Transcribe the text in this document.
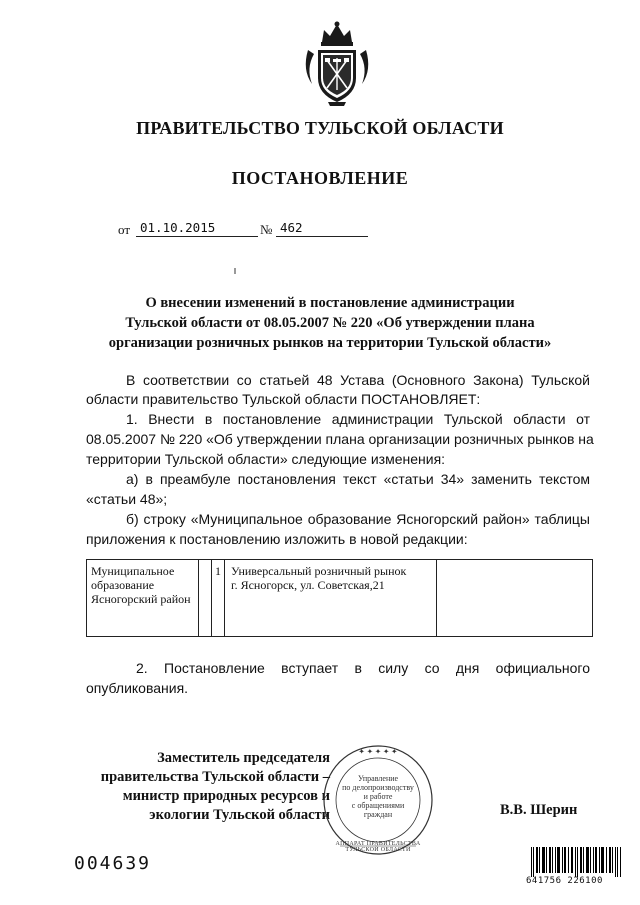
ПРАВИТЕЛЬСТВО ТУЛЬСКОЙ ОБЛАСТИ
ПОСТАНОВЛЕНИЕ
от 01.10.2015	№ 462
О внесении изменений в постановление администрации
Тульской области от 08.05.2007 № 220 «Об утверждении плана
организации розничных рынков на территории Тульской области»
В соответствии со статьей 48 Устава (Основного Закона) Тульской
области правительство Тульской области ПОСТАНОВЛЯЕТ:
1. Внести в постановление администрации Тульской области от
08.05.2007 № 220 «Об утверждении плана организации розничных рынков на
территории Тульской области» следующие изменения:
а) в преамбуле постановления текст «статьи 34» заменить текстом
«статьи 48»;
б) строку «Муниципальное образование Ясногорский район» таблицы
приложения к постановлению изложить в новой редакции:
Муниципальное образование Ясногорский район
1 Универсальный розничный рынок
г. Ясногорск, ул. Советская,21
2. Постановление вступает в силу со дня официального
опубликования.
Заместитель председателя
правительства Тульской области –
министр природных ресурсов и
экологии Тульской области
✦ ✦ ✦ ✦ ✦
Управление
по делопроизводству
и работе
с обращениями
граждан
АППАРАТ ПРАВИТЕЛЬСТВА ТУЛЬСКОЙ ОБЛАСТИ
В.В. Шерин
004639
641756 226100
